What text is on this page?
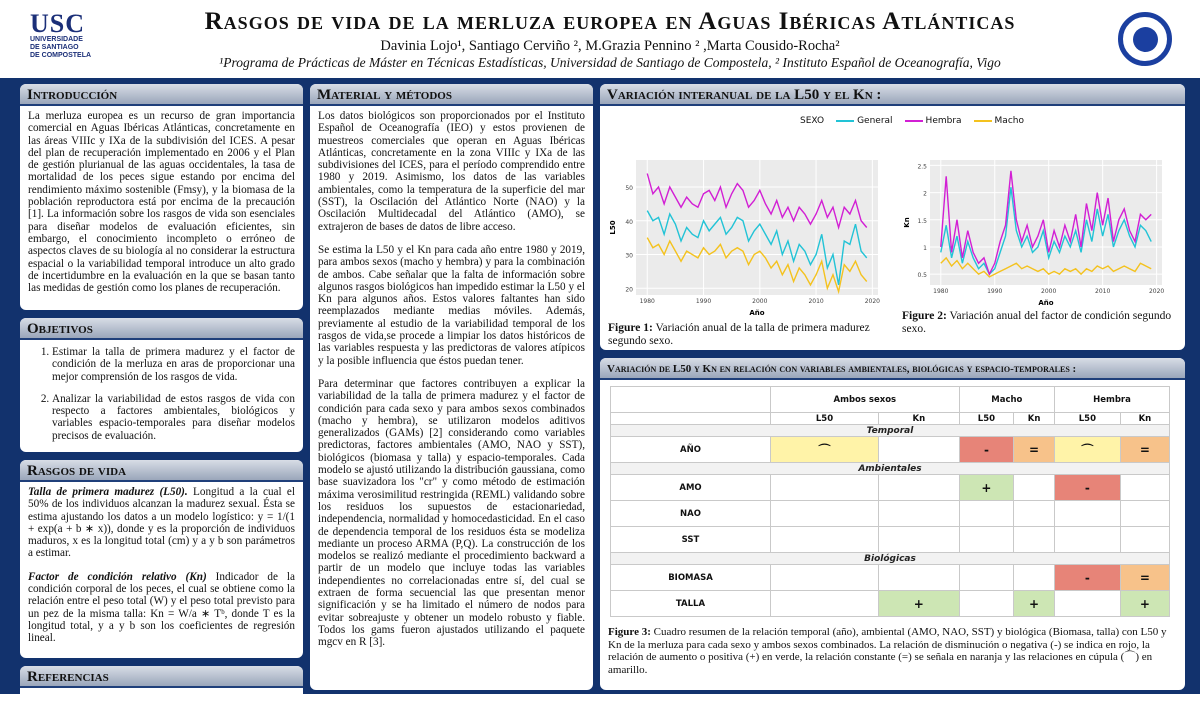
USC
UNIVERSIDADE
DE SANTIAGO
DE COMPOSTELA
Rasgos de vida de la merluza europea en Aguas Ibéricas Atlánticas
Davinia Lojo¹, Santiago Cerviño ², M.Grazia Pennino ² ,Marta Cousido-Rocha²
¹Programa de Prácticas de Máster en Técnicas Estadísticas, Universidad de Santiago de Compostela, ² Instituto Español de Oceanografía, Vigo
Introducción
La merluza europea es un recurso de gran importancia comercial en Aguas Ibéricas Atlánticas, concretamente en las áreas VIIIc y IXa de la subdivisión del ICES. A pesar del plan de recuperación implementado en 2006 y el Plan de gestión plurianual de las aguas occidentales, la tasa de mortalidad de los peces sigue estando por encima del rendimiento máximo sostenible (Fmsy), y la biomasa de la población reproductora está por encima de la precaución [1]. La información sobre los rasgos de vida son esenciales para diseñar modelos de evaluación eficientes, sin embargo, el conocimiento incompleto o erróneo de aspectos claves de su biología al no considerar la estructura espacial o la variabilidad temporal introduce un alto grado de incertidumbre en la evaluación en la que se basan tanto las medidas de gestión como los planes de recuperación.
Objetivos
1. Estimar la talla de primera madurez y el factor de condición de la merluza en aras de proporcionar una mejor comprensión de los rasgos de vida.
2. Analizar la variabilidad de estos rasgos de vida con respecto a factores ambientales, biológicos y variables espacio-temporales para diseñar modelos precisos de evaluación.
Rasgos de vida

Talla de primera madurez (L50). Longitud a la cual el 50% de los individuos alcanzan la madurez sexual. Ésta se estima ajustando los datos a un modelo logístico: y = 1/(1 + exp(a + b ∗ x)), donde y es la proporción de individuos maduros, x es la longitud total (cm) y a y b son parámetros a estimar.

Factor de condición relativo (Kn) Indicador de la condición corporal de los peces, el cual se obtiene como la relación entre el peso total (W) y el peso total previsto para un pez de la misma talla: Kn = W/a ∗ Tᵇ, donde T es la longitud total, y a y b son los coeficientes de regresión lineal.

Referencias
Material y métodos

Los datos biológicos son proporcionados por el Instituto Español de Oceanografía (IEO) y estos provienen de muestreos comerciales que operan en Aguas Ibéricas Atlánticas, concretamente en la zona VIIIc y IXa de las subdivisiones del ICES, para el período comprendido entre 1980 y 2019. Asimismo, los datos de las variables ambientales, como la temperatura de la superficie del mar (SST), la Oscilación del Atlántico Norte (NAO) y la Oscilación Multidecadal del Atlántico (AMO), se extrajeron de bases de datos de libre acceso.

Se estima la L50 y el Kn para cada año entre 1980 y 2019, para ambos sexos (macho y hembra) y para la combinación de ambos. Cabe señalar que la falta de información sobre algunos rasgos biológicos han impedido estimar la L50 y el Kn para algunos años. Estos valores faltantes han sido reemplazados mediante medias móviles. Además, previamente al estudio de la variabilidad temporal de los rasgos de vida,se procede a limpiar los datos históricos de las variables respuesta y las predictoras de valores atípicos y la posible influencia que éstos puedan tener.

Para determinar que factores contribuyen a explicar la variabilidad de la talla de primera madurez y el factor de condición para cada sexo y para ambos sexos combinados (macho y hembra), se utilizaron modelos aditivos generalizados (GAMs) [2] considerando como variables predictoras, factores ambientales (AMO, NAO y SST), biológicos (biomasa y talla) y espacio-temporales. Cada modelo se ajustó utilizando la distribución gaussiana, como base suavizadora los "cr" y como método de estimación máxima verosimilitud restringida (REML) validando sobre los residuos los supuestos de estacionariedad, independencia, normalidad y homocedasticidad. En el caso de dependencia temporal de los residuos ésta se modeliza mediante un proceso ARMA (P,Q). La construcción de los modelos se realizó mediante el procedimiento backward a partir de un modelo que incluye todas las variables independientes no correlacionadas entre sí, del cual se extraen de forma secuencial las que presentan menor significación y se ha limitado el número de nodos para evitar sobreajuste y obtener un modelo robusto y fiable. Todos los gams fueron ajustados utilizando el paquete mgcv en R [3].

Variación interanual de la L50 y el Kn :
SEXO	General	Hembra	Macho
20
30
40
50
1980	1990	2000	2010	2020
Año
L50
0.5
1
1.5
2
2.5
1980	1990	2000	2010	2020
Año
Kn
Figure 1: Variación anual de la talla de primera madurez segundo sexo.
Figure 2: Variación anual del factor de condición segundo sexo.
Variación de L50 y Kn en relación con variables ambientales, biológicas y espacio-temporales :
	Ambos sexos		Macho		Hembra	
	L50	Kn	L50	Kn	L50	Kn
Temporal						
AÑO	⌒		-	=	⌒	=
Ambientales						
AMO			+		-	
NAO						
SST						
Biológicas						
BIOMASA					-	=
TALLA		+		+		+
Figure 3: Cuadro resumen de la relación temporal (año), ambiental (AMO, NAO, SST) y biológica (Biomasa, talla) con L50 y Kn de la merluza para cada sexo y ambos sexos combinados. La relación de disminución o negativa (-) se indica en rojo, la relación de aumento o positiva (+) en verde, la relación constante (=) se señala en naranja y las relaciones en cúpula (⌒) en amarillo.
